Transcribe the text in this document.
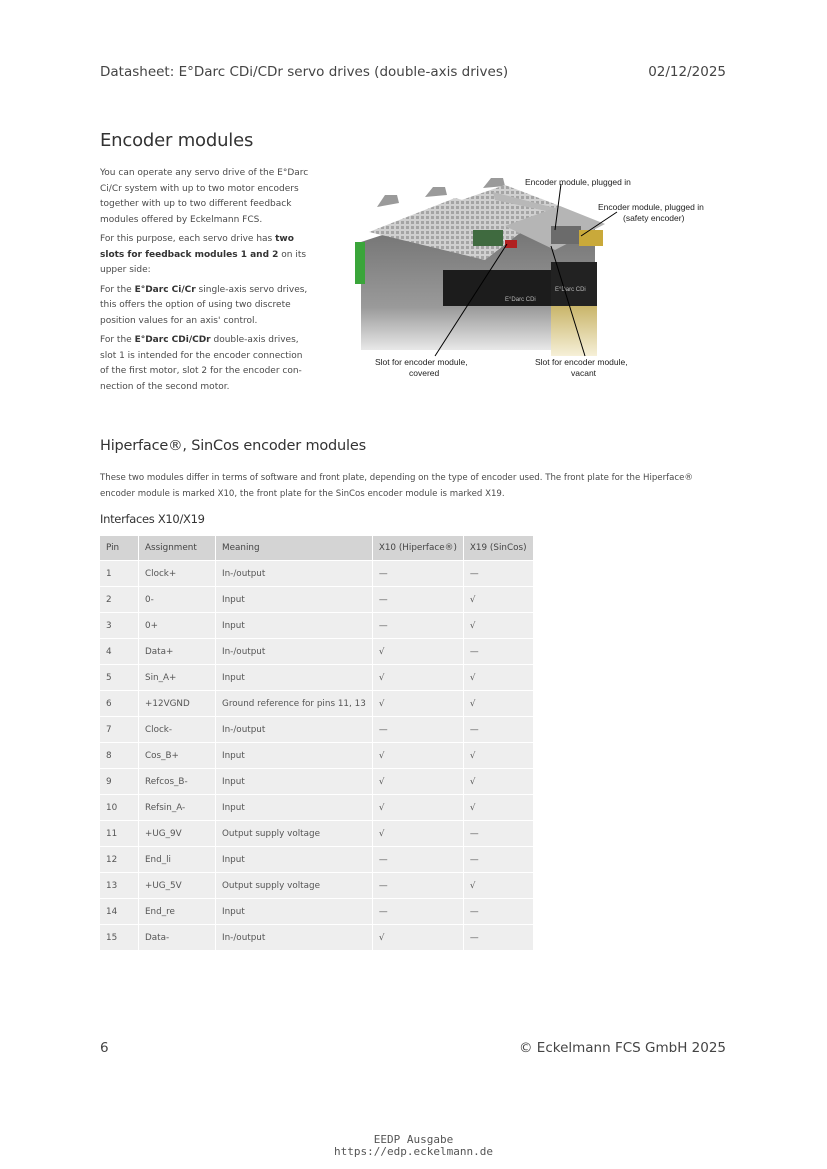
Datasheet: E°Darc CDi/CDr servo drives (double-axis drives)	02/12/2025
Encoder modules

You can operate any servo drive of the E°Darc Ci/Cr system with up to two motor encoders together with up to two different feedback modules offered by Eckelmann FCS.

For this purpose, each servo drive has two slots for feedback modules 1 and 2 on its upper side:

For the E°Darc Ci/Cr single-axis servo drives, this offers the option of using two discrete position values for an axis' control.

For the E°Darc CDi/CDr double-axis drives, slot 1 is intended for the encoder connection of the first motor, slot 2 for the encoder con-nection of the second motor.

E°Darc CDi
E°Darc CDi
Encoder module, plugged in
Encoder module, plugged in
(safety encoder)
Slot for encoder module,
covered
Slot for encoder module,
vacant
Hiperface®, SinCos encoder modules
These two modules differ in terms of software and front plate, depending on the type of encoder used. The front plate for the Hiperface® encoder module is marked X10, the front plate for the SinCos encoder module is marked X19.
Interfaces X10/X19
Pin	Assignment	Meaning	X10 (Hiperface®)	X19 (SinCos)
1	Clock+	In-/output	—	—
2	0-	Input	—	√
3	0+	Input	—	√
4	Data+	In-/output	√	—
5	Sin_A+	Input	√	√
6	+12VGND	Ground reference for pins 11, 13	√	√
7	Clock-	In-/output	—	—
8	Cos_B+	Input	√	√
9	Refcos_B-	Input	√	√
10	Refsin_A-	Input	√	√
11	+UG_9V	Output supply voltage	√	—
12	End_li	Input	—	—
13	+UG_5V	Output supply voltage	—	√
14	End_re	Input	—	—
15	Data-	In-/output	√	—
6	© Eckelmann FCS GmbH 2025
EEDP Ausgabe
https://edp.eckelmann.de
